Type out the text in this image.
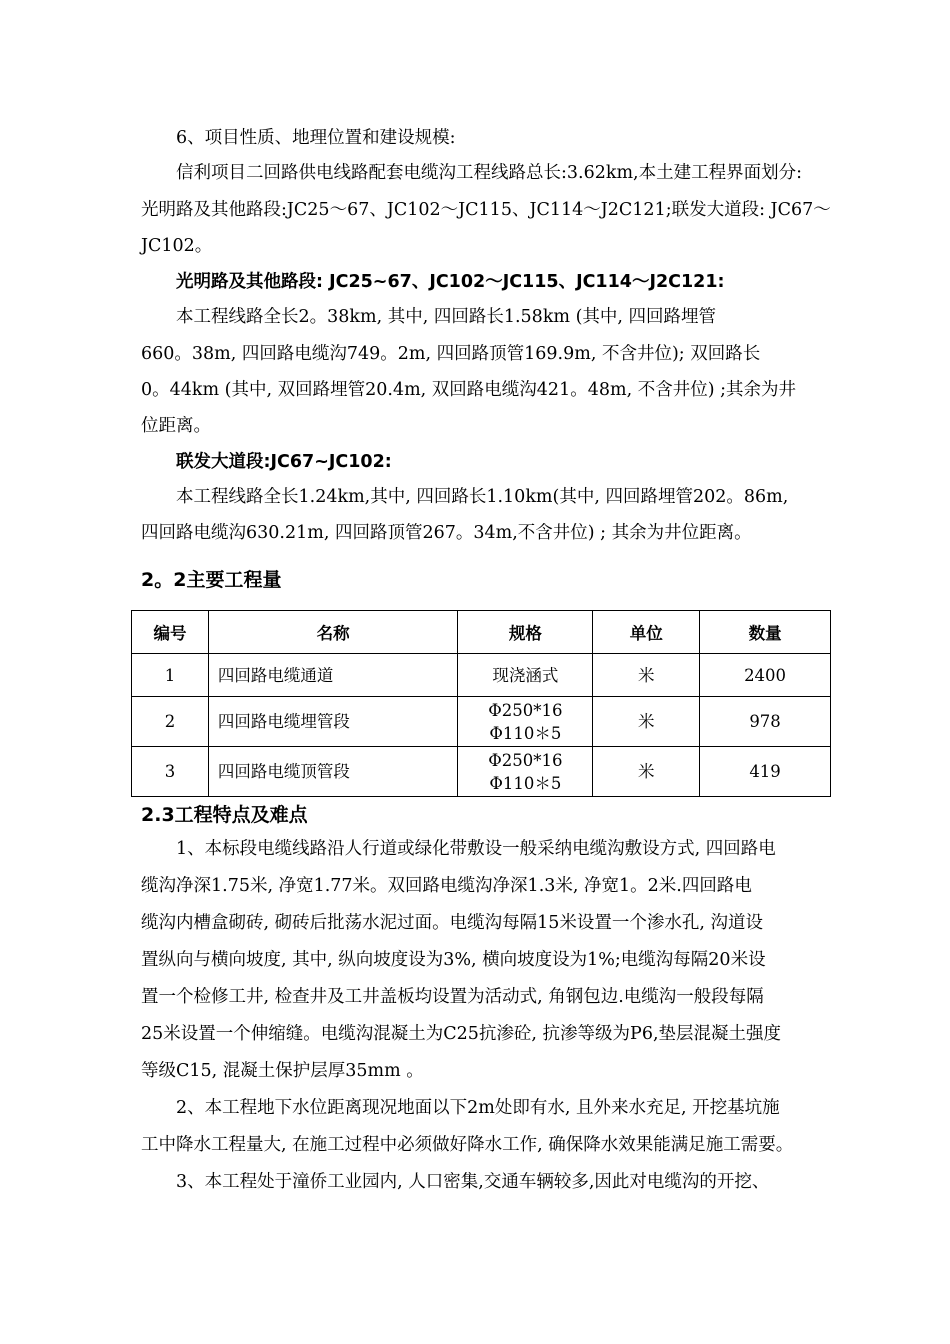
6、项目性质、地理位置和建设规模:
信利项目二回路供电线路配套电缆沟工程线路总长:3.62km,本土建工程界面划分:
光明路及其他路段:JC25～67、JC102～JC115、JC114～J2C121;联发大道段: JC67～
JC102。
光明路及其他路段: JC25~67、JC102～JC115、JC114～J2C121:
本工程线路全长2。38km, 其中, 四回路长1.58km (其中, 四回路埋管
660。38m, 四回路电缆沟749。2m, 四回路顶管169.9m, 不含井位); 双回路长
0。44km (其中, 双回路埋管20.4m, 双回路电缆沟421。48m, 不含井位) ;其余为井
位距离。
联发大道段:JC67~JC102:
本工程线路全长1.24km,其中, 四回路长1.10km(其中, 四回路埋管202。86m,
四回路电缆沟630.21m, 四回路顶管267。34m,不含井位) ; 其余为井位距离。
2。2主要工程量
编号	名称	规格	单位	数量
1	四回路电缆通道	现浇涵式	米	2400
2	四回路电缆埋管段	Φ250*16
Φ110＊5	米	978
3	四回路电缆顶管段	Φ250*16
Φ110＊5	米	419
2.3工程特点及难点
1、本标段电缆线路沿人行道或绿化带敷设一般采纳电缆沟敷设方式, 四回路电
缆沟净深1.75米, 净宽1.77米。双回路电缆沟净深1.3米, 净宽1。2米.四回路电
缆沟内槽盒砌砖, 砌砖后批荡水泥过面。电缆沟每隔15米设置一个渗水孔, 沟道设
置纵向与横向坡度, 其中, 纵向坡度设为3%, 横向坡度设为1%;电缆沟每隔20米设
置一个检修工井, 检查井及工井盖板均设置为活动式, 角钢包边.电缆沟一般段每隔
25米设置一个伸缩缝。电缆沟混凝土为C25抗渗砼, 抗渗等级为P6,垫层混凝土强度
等级C15, 混凝土保护层厚35mm 。
2、本工程地下水位距离现况地面以下2m处即有水, 且外来水充足, 开挖基坑施
工中降水工程量大, 在施工过程中必须做好降水工作, 确保降水效果能满足施工需要。
3、本工程处于潼侨工业园内, 人口密集,交通车辆较多,因此对电缆沟的开挖、
